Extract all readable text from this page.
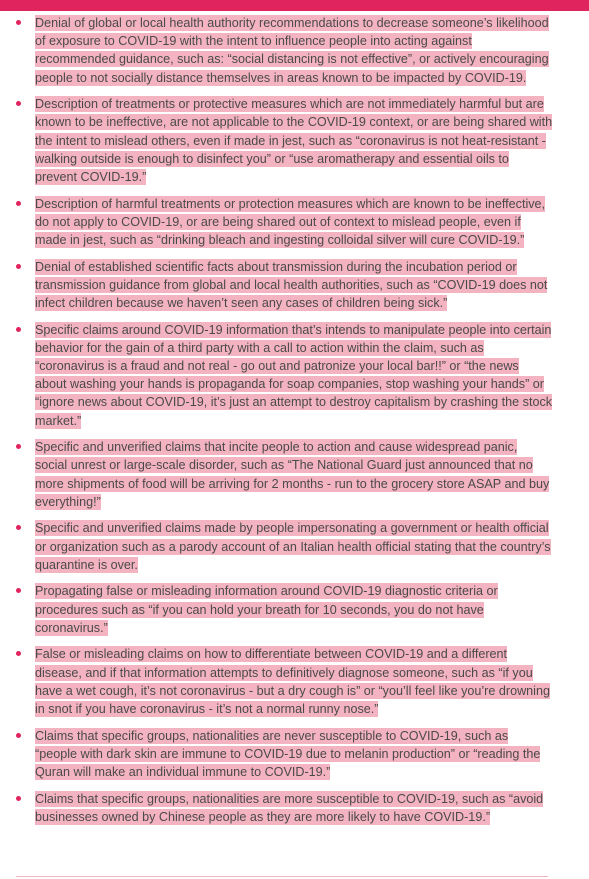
Denial of global or local health authority recommendations to decrease someone’s likelihood of exposure to COVID-19 with the intent to influence people into acting against recommended guidance, such as: “social distancing is not effective”, or actively encouraging people to not socially distance themselves in areas known to be impacted by COVID-19.
Description of treatments or protective measures which are not immediately harmful but are known to be ineffective, are not applicable to the COVID-19 context, or are being shared with the intent to mislead others, even if made in jest, such as “coronavirus is not heat-resistant - walking outside is enough to disinfect you” or “use aromatherapy and essential oils to prevent COVID-19.”
Description of harmful treatments or protection measures which are known to be ineffective, do not apply to COVID-19, or are being shared out of context to mislead people, even if made in jest, such as “drinking bleach and ingesting colloidal silver will cure COVID-19.”
Denial of established scientific facts about transmission during the incubation period or transmission guidance from global and local health authorities, such as “COVID-19 does not infect children because we haven’t seen any cases of children being sick.”
Specific claims around COVID-19 information that’s intends to manipulate people into certain behavior for the gain of a third party with a call to action within the claim, such as “coronavirus is a fraud and not real - go out and patronize your local bar!!” or “the news about washing your hands is propaganda for soap companies, stop washing your hands” or “ignore news about COVID-19, it’s just an attempt to destroy capitalism by crashing the stock market.”
Specific and unverified claims that incite people to action and cause widespread panic, social unrest or large-scale disorder, such as “The National Guard just announced that no more shipments of food will be arriving for 2 months - run to the grocery store ASAP and buy everything!”
Specific and unverified claims made by people impersonating a government or health official or organization such as a parody account of an Italian health official stating that the country’s quarantine is over.
Propagating false or misleading information around COVID-19 diagnostic criteria or procedures such as “if you can hold your breath for 10 seconds, you do not have coronavirus.”
False or misleading claims on how to differentiate between COVID-19 and a different disease, and if that information attempts to definitively diagnose someone, such as “if you have a wet cough, it’s not coronavirus - but a dry cough is” or “you’ll feel like you’re drowning in snot if you have coronavirus - it’s not a normal runny nose.”
Claims that specific groups, nationalities are never susceptible to COVID-19, such as “people with dark skin are immune to COVID-19 due to melanin production” or “reading the Quran will make an individual immune to COVID-19.”
Claims that specific groups, nationalities are more susceptible to COVID-19, such as “avoid businesses owned by Chinese people as they are more likely to have COVID-19.”
